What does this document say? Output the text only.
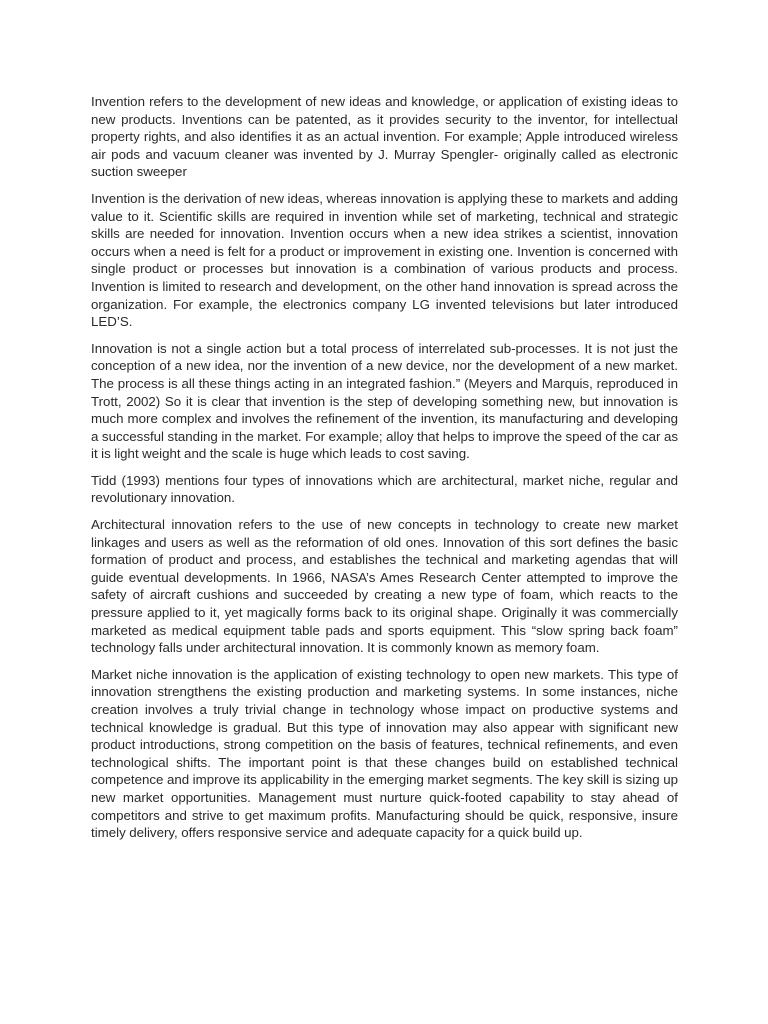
Invention refers to the development of new ideas and knowledge, or application of existing ideas to new products. Inventions can be patented, as it provides security to the inventor, for intellectual property rights, and also identifies it as an actual invention. For example; Apple introduced wireless air pods and vacuum cleaner was invented by J. Murray Spengler- originally called as electronic suction sweeper

Invention is the derivation of new ideas, whereas innovation is applying these to markets and adding value to it. Scientific skills are required in invention while set of marketing, technical and strategic skills are needed for innovation. Invention occurs when a new idea strikes a scientist, innovation occurs when a need is felt for a product or improvement in existing one. Invention is concerned with single product or processes but innovation is a combination of various products and process. Invention is limited to research and development, on the other hand innovation is spread across the organization. For example, the electronics company LG invented televisions but later introduced LED’S.

Innovation is not a single action but a total process of interrelated sub-processes. It is not just the conception of a new idea, nor the invention of a new device, nor the development of a new market. The process is all these things acting in an integrated fashion.” (Meyers and Marquis, reproduced in Trott, 2002) So it is clear that invention is the step of developing something new, but innovation is much more complex and involves the refinement of the invention, its manufacturing and developing a successful standing in the market. For example; alloy that helps to improve the speed of the car as it is light weight and the scale is huge which leads to cost saving.

Tidd (1993) mentions four types of innovations which are architectural, market niche, regular and revolutionary innovation.

Architectural innovation refers to the use of new concepts in technology to create new market linkages and users as well as the reformation of old ones. Innovation of this sort defines the basic formation of product and process, and establishes the technical and marketing agendas that will guide eventual developments. In 1966, NASA’s Ames Research Center attempted to improve the safety of aircraft cushions and succeeded by creating a new type of foam, which reacts to the pressure applied to it, yet magically forms back to its original shape. Originally it was commercially marketed as medical equipment table pads and sports equipment. This “slow spring back foam” technology falls under architectural innovation. It is commonly known as memory foam.

Market niche innovation is the application of existing technology to open new markets. This type of innovation strengthens the existing production and marketing systems. In some instances, niche creation involves a truly trivial change in technology whose impact on productive systems and technical knowledge is gradual. But this type of innovation may also appear with significant new product introductions, strong competition on the basis of features, technical refinements, and even technological shifts. The important point is that these changes build on established technical competence and improve its applicability in the emerging market segments. The key skill is sizing up new market opportunities. Management must nurture quick-footed capability to stay ahead of competitors and strive to get maximum profits. Manufacturing should be quick, responsive, insure timely delivery, offers responsive service and adequate capacity for a quick build up.
